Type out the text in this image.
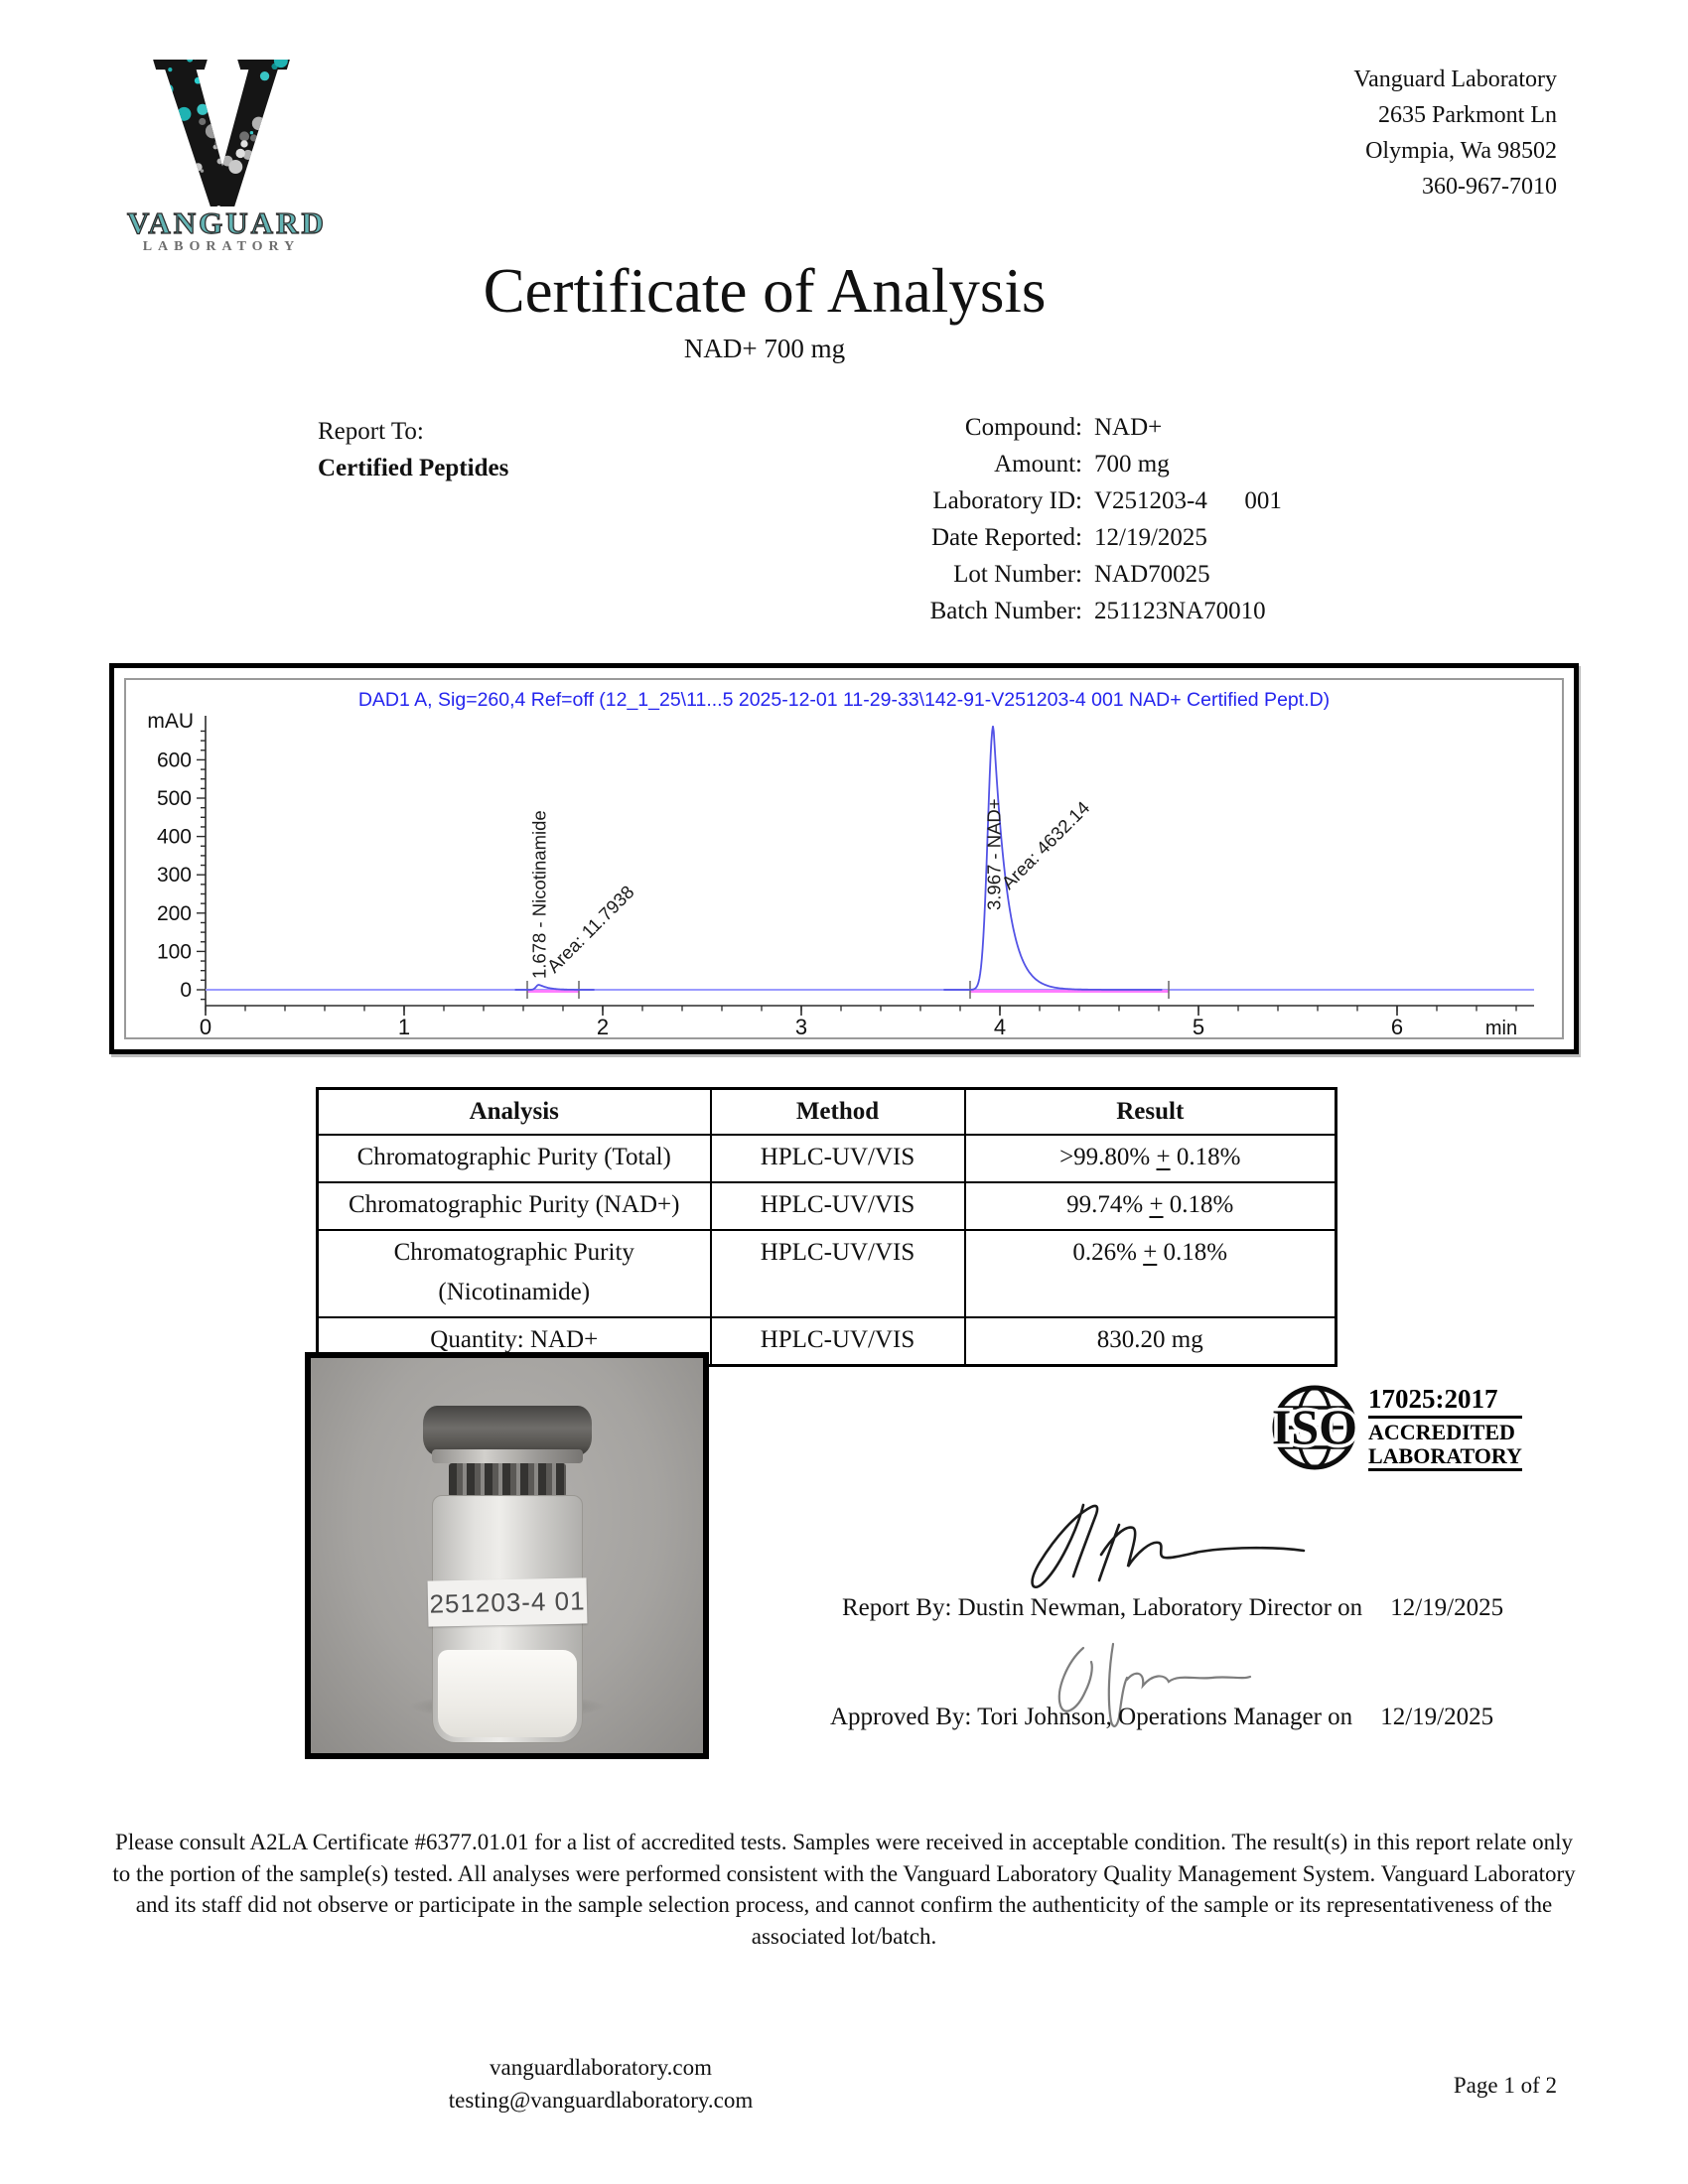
VANGUARD
LABORATORY
Vanguard Laboratory
2635 Parkmont Ln
Olympia, Wa 98502
360-967-7010
Certificate of Analysis
NAD+ 700 mg
Report To:
Certified Peptides
Compound: NAD+
Amount: 700 mg
Laboratory ID: V251203-4      001
Date Reported: 12/19/2025
Lot Number: NAD70025
Batch Number: 251123NA70010
DAD1 A, Sig=260,4 Ref=off (12_1_25\11...5 2025-12-01 11-29-33\142-91-V251203-4 001 NAD+ Certified Pept.D)
mAU
0
100
200
300
400
500
600
0	1	2	3	4	5	6	min
1.678 - Nicotinamide
Area: 11.7938
3.967 - NAD+
Area: 4632.14
Analysis	Method	Result
Chromatographic Purity (Total)	HPLC-UV/VIS	>99.80% + 0.18%
Chromatographic Purity (NAD+)	HPLC-UV/VIS	99.74% + 0.18%

Chromatographic Purity
(Nicotinamide)	HPLC-UV/VIS	0.26% + 0.18%
Quantity: NAD+	HPLC-UV/VIS	830.20 mg
251203-4 01
ISO 17025:2017
ACCREDITED
LABORATORY
Report By: Dustin Newman, Laboratory Director on 12/19/2025
Approved By: Tori Johnson, Operations Manager on 12/19/2025
Please consult A2LA Certificate #6377.01.01 for a list of accredited tests. Samples were received in acceptable condition. The result(s) in this report relate only to the portion of the sample(s) tested. All analyses were performed consistent with the Vanguard Laboratory Quality Management System. Vanguard Laboratory and its staff did not observe or participate in the sample selection process, and cannot confirm the authenticity of the sample or its representativeness of the associated lot/batch.
vanguardlaboratory.com
testing@vanguardlaboratory.com
Page 1 of 2
